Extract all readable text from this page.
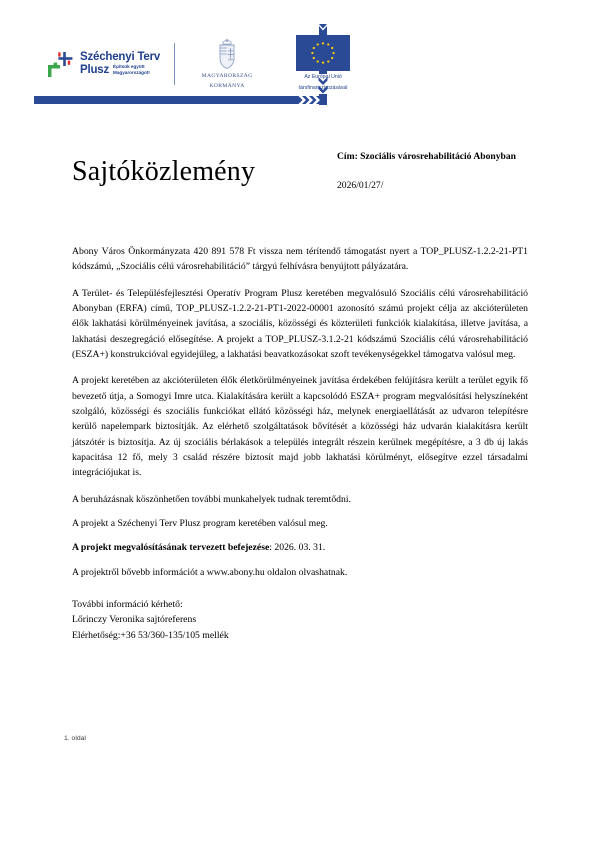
Széchenyi Terv
Plusz Építsük együtt
Magyarországot!
MAGYARORSZÁG
KORMÁNYA
Az Európai Unió
társfinanszírozásával
Sajtóközlemény	Cím: Szociális városrehabilitáció Abonyban
2026/01/27/

Abony Város Önkormányzata 420 891 578 Ft vissza nem térítendő támogatást nyert a TOP_PLUSZ-1.2.2-21-PT1 kódszámú, „Szociális célú városrehabilitáció” tárgyú felhívásra benyújtott pályázatára.

A Terület- és Településfejlesztési Operatív Program Plusz keretében megvalósuló Szociális célú városrehabilitáció Abonyban (ERFA) című, TOP_PLUSZ-1.2.2-21-PT1-2022-00001 azonosító számú projekt célja az akcióterületen élők lakhatási körülményeinek javítása, a szociális, közösségi és közterületi funkciók kialakítása, illetve javítása, a lakhatási deszegregáció elősegítése. A projekt a TOP_PLUSZ-3.1.2-21 kódszámú Szociális célú városrehabilitáció (ESZA+) konstrukcióval egyidejűleg, a lakhatási beavatkozásokat szoft tevékenységekkel támogatva valósul meg.

A projekt keretében az akcióterületen élők életkörülményeinek javítása érdekében felújításra került a terület egyik fő bevezető útja, a Somogyi Imre utca. Kialakítására került a kapcsolódó ESZA+ program megvalósítási helyszíneként szolgáló, közösségi és szociális funkciókat ellátó közösségi ház, melynek energiaellátását az udvaron telepítésre kerülő napelempark biztosítják. Az elérhető szolgáltatások bővítését a közösségi ház udvarán kialakításra került játszótér is biztosítja. Az új szociális bérlakások a település integrált részein kerülnek megépítésre, a 3 db új lakás kapacitása 12 fő, mely 3 család részére biztosít majd jobb lakhatási körülményt, elősegítve ezzel társadalmi integrációjukat is.

A beruházásnak köszönhetően további munkahelyek tudnak teremtődni.

A projekt a Széchenyi Terv Plusz program keretében valósul meg.

A projekt megvalósításának tervezett befejezése: 2026. 03. 31.

A projektről bővebb információt a www.abony.hu oldalon olvashatnak.

További információ kérhető:

Lőrinczy Veronika sajtóreferens

Elérhetőség:+36 53/360-135/105 mellék

1. oldal
